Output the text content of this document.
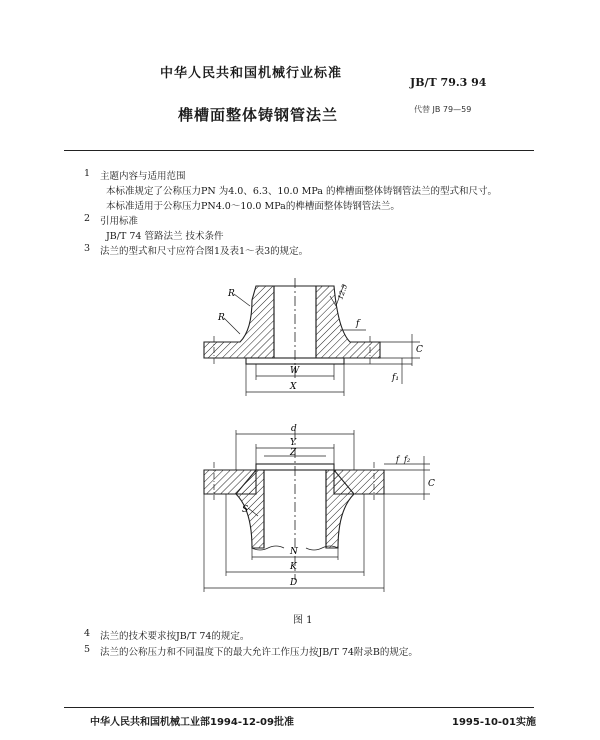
中华人民共和国机械行业标准
JB/T 79.3 94
榫槽面整体铸钢管法兰	代替 JB 79—59
1 主题内容与适用范围
本标准规定了公称压力PN 为4.0、6.3、10.0 MPa 的榫槽面整体铸钢管法兰的型式和尺寸。
本标准适用于公称压力PN4.0～10.0 MPa的榫槽面整体铸钢管法兰。
2 引用标准
JB/T 74 管路法兰 技术条件
3 法兰的型式和尺寸应符合图1及表1～表3的规定。
R
R
12.5
f
C
f₁
W
X
d
Y
Z
f f₂
C
S
N
K
D
图 1
4 法兰的技术要求按JB/T 74的规定。
5 法兰的公称压力和不同温度下的最大允许工作压力按JB/T 74附录B的规定。
中华人民共和国机械工业部1994-12-09批准	1995-10-01实施
